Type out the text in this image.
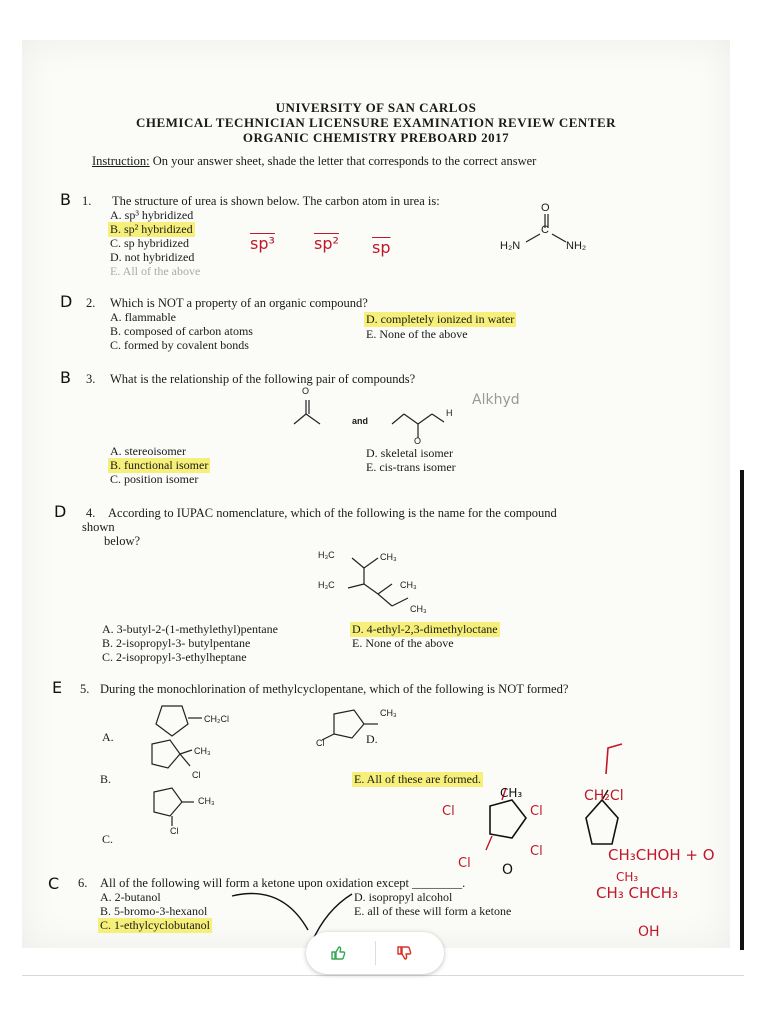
UNIVERSITY OF SAN CARLOS
CHEMICAL TECHNICIAN LICENSURE EXAMINATION REVIEW CENTER
ORGANIC CHEMISTRY PREBOARD 2017
Instruction: On your answer sheet, shade the letter that corresponds to the correct answer
B 1. The structure of urea is shown below. The carbon atom in urea is:
A. sp³ hybridized
B. sp² hybridized
C. sp hybridized
D. not hybridized
E. All of the above
sp³ sp² $\overline{sp}$
O
C
H₂N	NH₂
D 2. Which is NOT a property of an organic compound?
A. flammable
B. composed of carbon atoms
C. formed by covalent bonds
D. completely ionized in water
E. None of the above
B 3. What is the relationship of the following pair of compounds?
O
and
H
O
Alkhyd
A. stereoisomer
B. functional isomer
C. position isomer
D. skeletal isomer
E. cis-trans isomer
D 4. According to IUPAC nomenclature, which of the following is the name for the compound
shown
below?
H₃C	CH₃
H₃C	CH₃
CH₃
A. 3-butyl-2-(1-methylethyl)pentane
B. 2-isopropyl-3- butylpentane
C. 2-isopropyl-3-ethylheptane
D. 4-ethyl-2,3-dimethyloctane
E. None of the above
E 5. During the monochlorination of methylcyclopentane, which of the following is NOT formed?
CH₂Cl
CH₃
Cl
CH₃
Cl
CH₃
Cl
A.
B.
C.
D.
E. All of these are formed.
CH₃
Cl	Cl
Cl
Cl
CH₂Cl
C 6. All of the following will form a ketone upon oxidation except ________.
A. 2-butanol
B. 5-bromo-3-hexanol
C. 1-ethylcyclobutanol
D. isopropyl alcohol
E. all of these will form a ketone
O
CH₃CHOH + O
CH₃
CH₃ CHCH₃
OH
